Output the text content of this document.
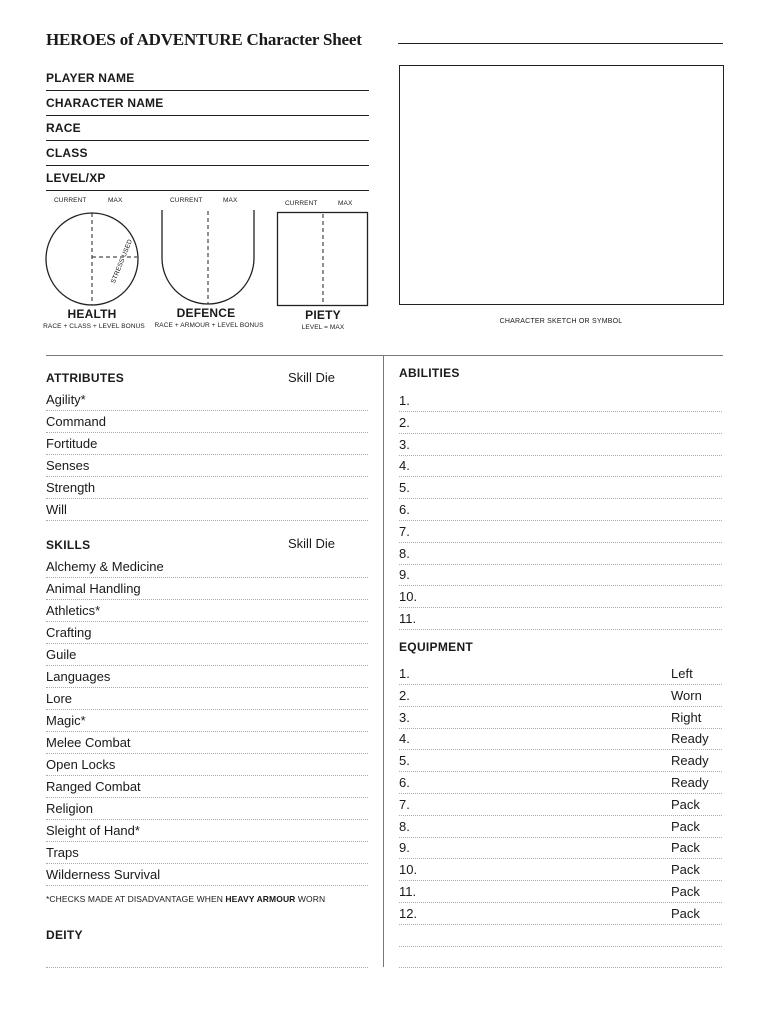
HEROES of ADVENTURE Character Sheet
PLAYER NAME
CHARACTER NAME
RACE
CLASS
LEVEL/XP
CHARACTER SKETCH OR SYMBOL
CURRENT	MAX
STRESS USED
HEALTH
RACE + CLASS + LEVEL BONUS
CURRENT	MAX
DEFENCE
RACE + ARMOUR + LEVEL BONUS
CURRENT	MAX
PIETY
LEVEL = MAX
ATTRIBUTES	Skill Die
Agility*
Command
Fortitude
Senses
Strength
Will
SKILLS	Skill Die
Alchemy & Medicine
Animal Handling
Athletics*
Crafting
Guile
Languages
Lore
Magic*
Melee Combat
Open Locks
Ranged Combat
Religion
Sleight of Hand*
Traps
Wilderness Survival
*CHECKS MADE AT DISADVANTAGE WHEN HEAVY ARMOUR WORN
DEITY
ABILITIES
1.
2.
3.
4.
5.
6.
7.
8.
9.
10.
11.
EQUIPMENT
1.	Left
2.	Worn
3.	Right
4.	Ready
5.	Ready
6.	Ready
7.	Pack
8.	Pack
9.	Pack
10.	Pack
11.	Pack
12.	Pack
